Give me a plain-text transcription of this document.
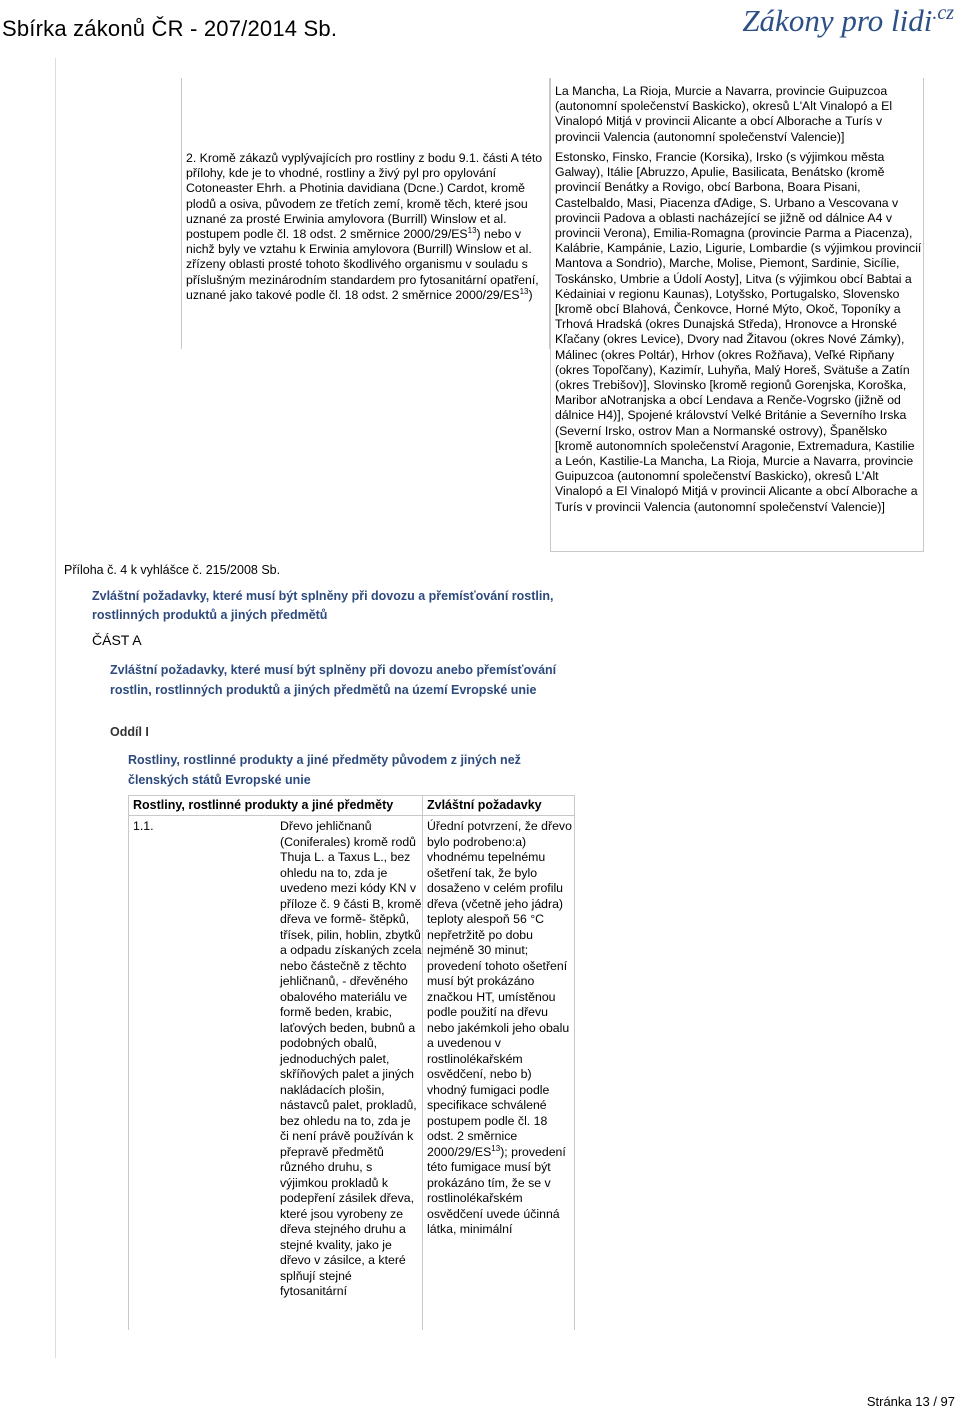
Sbírka zákonů ČR - 207/2014 Sb.	Zákony pro lidi$^{.cz}$
2. Kromě zákazů vyplývajících pro rostliny z bodu 9.1. části A této přílohy, kde je to vhodné, rostliny a živý pyl pro opylování Cotoneaster Ehrh. a Photinia davidiana (Dcne.) Cardot, kromě plodů a osiva, původem ze třetích zemí, kromě těch, které jsou uznané za prosté Erwinia amylovora (Burrill) Winslow et al. postupem podle čl. 18 odst. 2 směrnice 2000/29/ES$^{13}$) nebo v nichž byly ve vztahu k Erwinia amylovora (Burrill) Winslow et al. zřízeny oblasti prosté tohoto škodlivého organismu v souladu s příslušným mezinárodním standardem pro fytosanitární opatření, uznané jako takové podle čl. 18 odst. 2 směrnice 2000/29/ES$^{13}$)
La Mancha, La Rioja, Murcie a Navarra, provincie Guipuzcoa (autonomní společenství Baskicko), okresů L'Alt Vinalopó a El Vinalopó Mitjá v provincii Alicante a obcí Alborache a Turís v provincii Valencia (autonomní společenství Valencie)]
Estonsko, Finsko, Francie (Korsika), Irsko (s výjimkou města Galway), Itálie [Abruzzo, Apulie, Basilicata, Benátsko (kromě provincií Benátky a Rovigo, obcí Barbona, Boara Pisani, Castelbaldo, Masi, Piacenza ďAdige, S. Urbano a Vescovana v provincii Padova a oblasti nacházející se jižně od dálnice A4 v provincii Verona), Emilia-Romagna (provincie Parma a Piacenza), Kalábrie, Kampánie, Lazio, Ligurie, Lombardie (s výjimkou provincií Mantova a Sondrio), Marche, Molise, Piemont, Sardinie, Sicílie, Toskánsko, Umbrie a Údolí Aosty], Litva (s výjimkou obcí Babtai a Kėdainiai v regionu Kaunas), Lotyšsko, Portugalsko, Slovensko [kromě obcí Blahová, Čenkovce, Horné Mýto, Okoč, Toponíky a Trhová Hradská (okres Dunajská Středa), Hronovce a Hronské Kľačany (okres Levice), Dvory nad Žitavou (okres Nové Zámky), Málinec (okres Poltár), Hrhov (okres Rožňava), Veľké Ripňany (okres Topoľčany), Kazimír, Luhyňa, Malý Horeš, Svätuše a Zatín (okres Trebišov)], Slovinsko [kromě regionů Gorenjska, Koroška, Maribor aNotranjska a obcí Lendava a Renče-Vogrsko (jižně od dálnice H4)], Spojené království Velké Británie a Severního Irska (Severní Irsko, ostrov Man a Normanské ostrovy), Španělsko [kromě autonomních společenství Aragonie, Extremadura, Kastilie a León, Kastilie-La Mancha, La Rioja, Murcie a Navarra, provincie Guipuzcoa (autonomní společenství Baskicko), okresů L'Alt Vinalopó a El Vinalopó Mitjá v provincii Alicante a obcí Alborache a Turís v provincii Valencia (autonomní společenství Valencie)]
Příloha č. 4 k vyhlášce č. 215/2008 Sb.
Zvláštní požadavky, které musí být splněny při dovozu a přemísťování rostlin, rostlinných produktů a jiných předmětů
ČÁST A
Zvláštní požadavky, které musí být splněny při dovozu anebo přemísťování rostlin, rostlinných produktů a jiných předmětů na území Evropské unie
Oddíl I
Rostliny, rostlinné produkty a jiné předměty původem z jiných než členských států Evropské unie
Rostliny, rostlinné produkty a jiné předměty	Zvláštní požadavky
1.1.	Dřevo jehličnanů (Coniferales) kromě rodů Thuja L. a Taxus L., bez ohledu na to, zda je uvedeno mezi kódy KN v příloze č. 9 části B, kromě dřeva ve formě- štěpků, třísek, pilin, hoblin, zbytků a odpadu získaných zcela nebo částečně z těchto jehličnanů, - dřevěného obalového materiálu ve formě beden, krabic, laťových beden, bubnů a podobných obalů, jednoduchých palet, skříňových palet a jiných nakládacích plošin, nástavců palet, prokladů, bez ohledu na to, zda je či není právě používán k přepravě předmětů různého druhu, s výjimkou prokladů k podepření zásilek dřeva, které jsou vyrobeny ze dřeva stejného druhu a stejné kvality, jako je dřevo v zásilce, a které splňují stejné fytosanitární
Úřední potvrzení, že dřevo bylo podrobeno:a) vhodnému tepelnému ošetření tak, že bylo dosaženo v celém profilu dřeva (včetně jeho jádra) teploty alespoň 56 °C nepřetržitě po dobu nejméně 30 minut; provedení tohoto ošetření musí být prokázáno značkou HT, umístěnou podle použití na dřevu nebo jakémkoli jeho obalu a uvedenou v rostlinolékařském osvědčení, nebo b) vhodný fumigaci podle specifikace schválené postupem podle čl. 18 odst. 2 směrnice 2000/29/ES$^{13}$); provedení této fumigace musí být prokázáno tím, že se v rostlinolékařském osvědčení uvede účinná látka, minimální
Stránka 13 / 97
